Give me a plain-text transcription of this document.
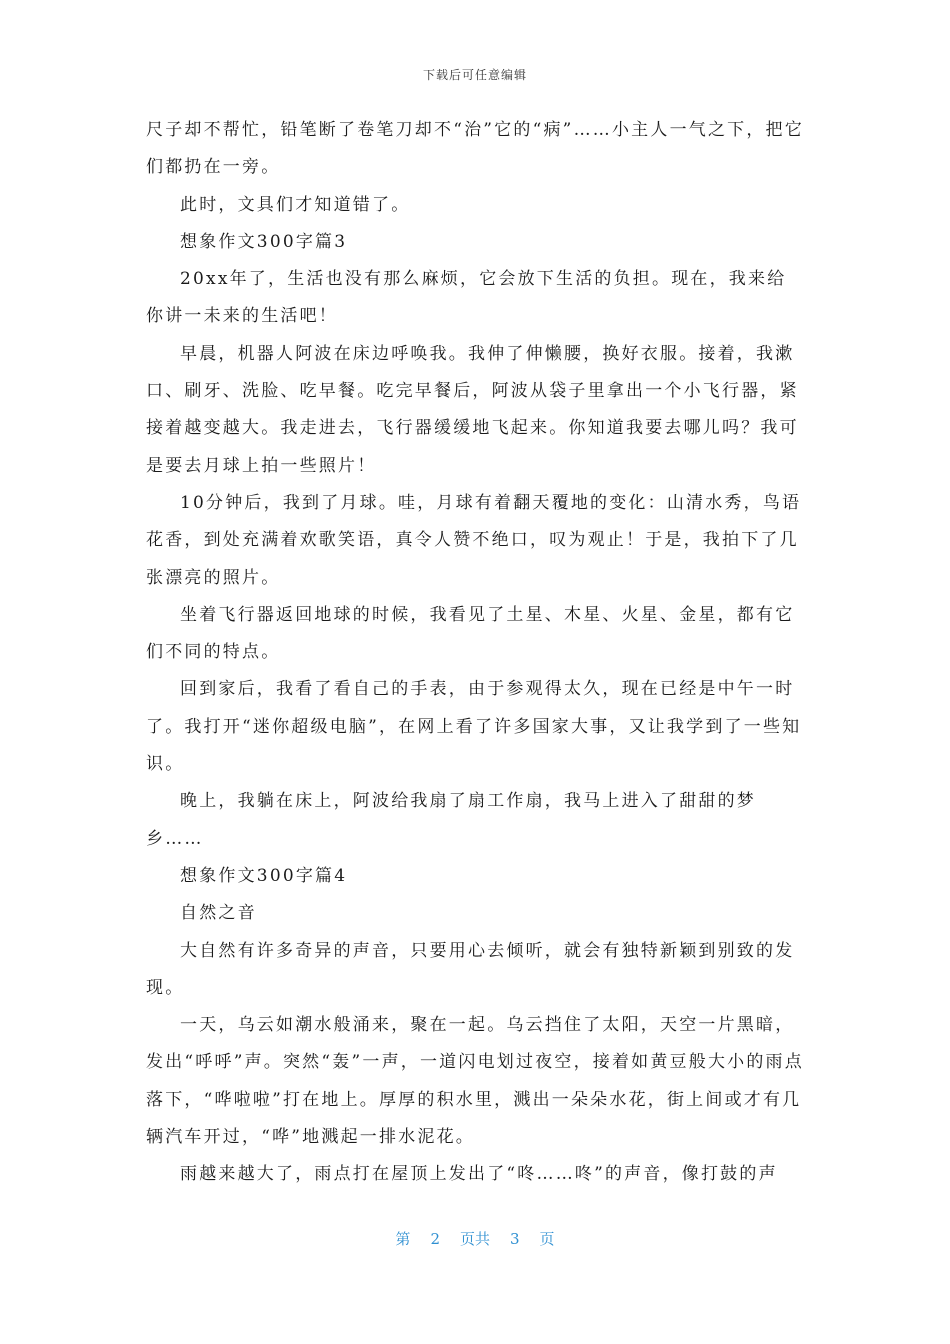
下载后可任意编辑

尺子却不帮忙，铅笔断了卷笔刀却不“治”它的“病”……小主人一气之下，把它们都扔在一旁。

此时，文具们才知道错了。

想象作文300字篇3

20xx年了，生活也没有那么麻烦，它会放下生活的负担。现在，我来给你讲一未来的生活吧！

早晨，机器人阿波在床边呼唤我。我伸了伸懒腰，换好衣服。接着，我漱口、刷牙、洗脸、吃早餐。吃完早餐后，阿波从袋子里拿出一个小飞行器，紧接着越变越大。我走进去，飞行器缓缓地飞起来。你知道我要去哪儿吗？我可是要去月球上拍一些照片！

10分钟后，我到了月球。哇，月球有着翻天覆地的变化：山清水秀，鸟语花香，到处充满着欢歌笑语，真令人赞不绝口，叹为观止！于是，我拍下了几张漂亮的照片。

坐着飞行器返回地球的时候，我看见了土星、木星、火星、金星，都有它们不同的特点。

回到家后，我看了看自己的手表，由于参观得太久，现在已经是中午一时了。我打开“迷你超级电脑”，在网上看了许多国家大事，又让我学到了一些知识。

晚上，我躺在床上，阿波给我扇了扇工作扇，我马上进入了甜甜的梦乡……

想象作文300字篇4

自然之音

大自然有许多奇异的声音，只要用心去倾听，就会有独特新颖到别致的发现。

一天，乌云如潮水般涌来，聚在一起。乌云挡住了太阳，天空一片黑暗，发出“呼呼”声。突然“轰”一声，一道闪电划过夜空，接着如黄豆般大小的雨点落下，“哗啦啦”打在地上。厚厚的积水里，溅出一朵朵水花，街上间或才有几辆汽车开过，“哗”地溅起一排水泥花。

雨越来越大了，雨点打在屋顶上发出了“咚……咚”的声音，像打鼓的声

第 2 页共 3 页
